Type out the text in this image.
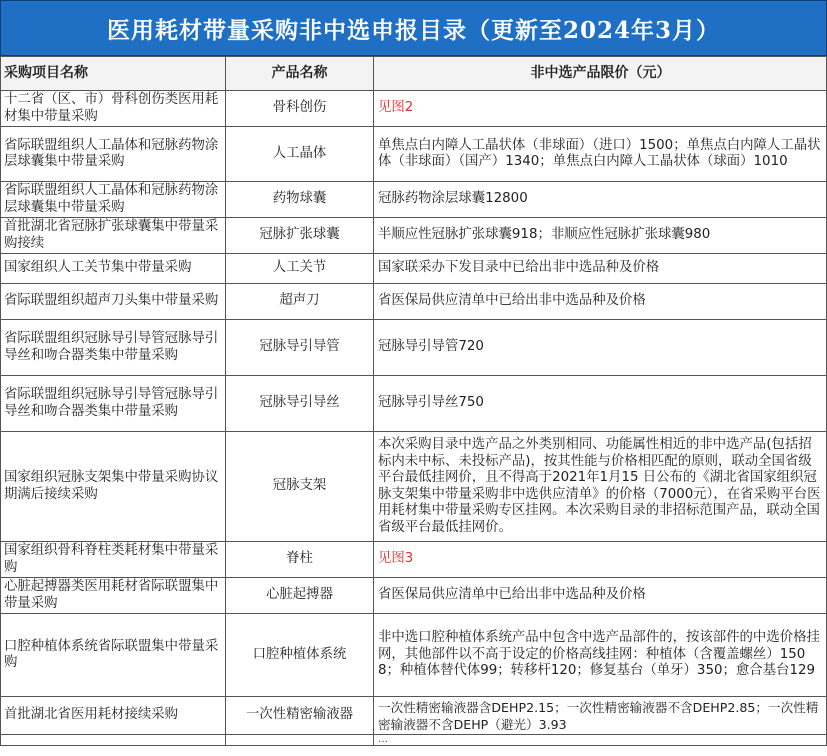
医用耗材带量采购非中选申报目录（更新至2024年3月）
采购项目名称	产品名称	非中选产品限价（元）
十二省（区、市）骨科创伤类医用耗材集中带量采购	骨科创伤	见图2
省际联盟组织人工晶体和冠脉药物涂层球囊集中带量采购	人工晶体	单焦点白内障人工晶状体（非球面）（进口）1500；单焦点白内障人工晶状体（非球面）（国产）1340；单焦点白内障人工晶状体（球面）1010
省际联盟组织人工晶体和冠脉药物涂层球囊集中带量采购	药物球囊	冠脉药物涂层球囊12800
首批湖北省冠脉扩张球囊集中带量采购接续	冠脉扩张球囊	半顺应性冠脉扩张球囊918；非顺应性冠脉扩张球囊980
国家组织人工关节集中带量采购	人工关节	国家联采办下发目录中已给出非中选品种及价格
省际联盟组织超声刀头集中带量采购	超声刀	省医保局供应清单中已给出非中选品种及价格
省际联盟组织冠脉导引导管冠脉导引导丝和吻合器类集中带量采购	冠脉导引导管	冠脉导引导管720
省际联盟组织冠脉导引导管冠脉导引导丝和吻合器类集中带量采购	冠脉导引导丝	冠脉导引导丝750
国家组织冠脉支架集中带量采购协议期满后接续采购	冠脉支架	本次采购目录中选产品之外类别相同、功能属性相近的非中选产品(包括招标内未中标、未投标产品)，按其性能与价格相匹配的原则，联动全国省级平台最低挂网价，且不得高于2021年1月15 日公布的《湖北省国家组织冠脉支架集中带量采购非中选供应清单》的价格（7000元），在省采购平台医用耗材集中带量采购专区挂网。本次采购目录的非招标范围产品，联动全国省级平台最低挂网价。
国家组织骨科脊柱类耗材集中带量采购	脊柱	见图3
心脏起搏器类医用耗材省际联盟集中带量采购	心脏起搏器	省医保局供应清单中已给出非中选品种及价格
口腔种植体系统省际联盟集中带量采购	口腔种植体系统	非中选口腔种植体系统产品中包含中选产品部件的，按该部件的中选价格挂网，其他部件以不高于设定的价格高线挂网：种植体（含覆盖螺丝）1508；种植体替代体99；转移杆120；修复基台（单牙）350；愈合基台129
首批湖北省医用耗材接续采购	一次性精密输液器	一次性精密输液器含DEHP2.15；一次性精密输液器不含DEHP2.85；一次性精密输液器不含DEHP（避光）3.93
		…
